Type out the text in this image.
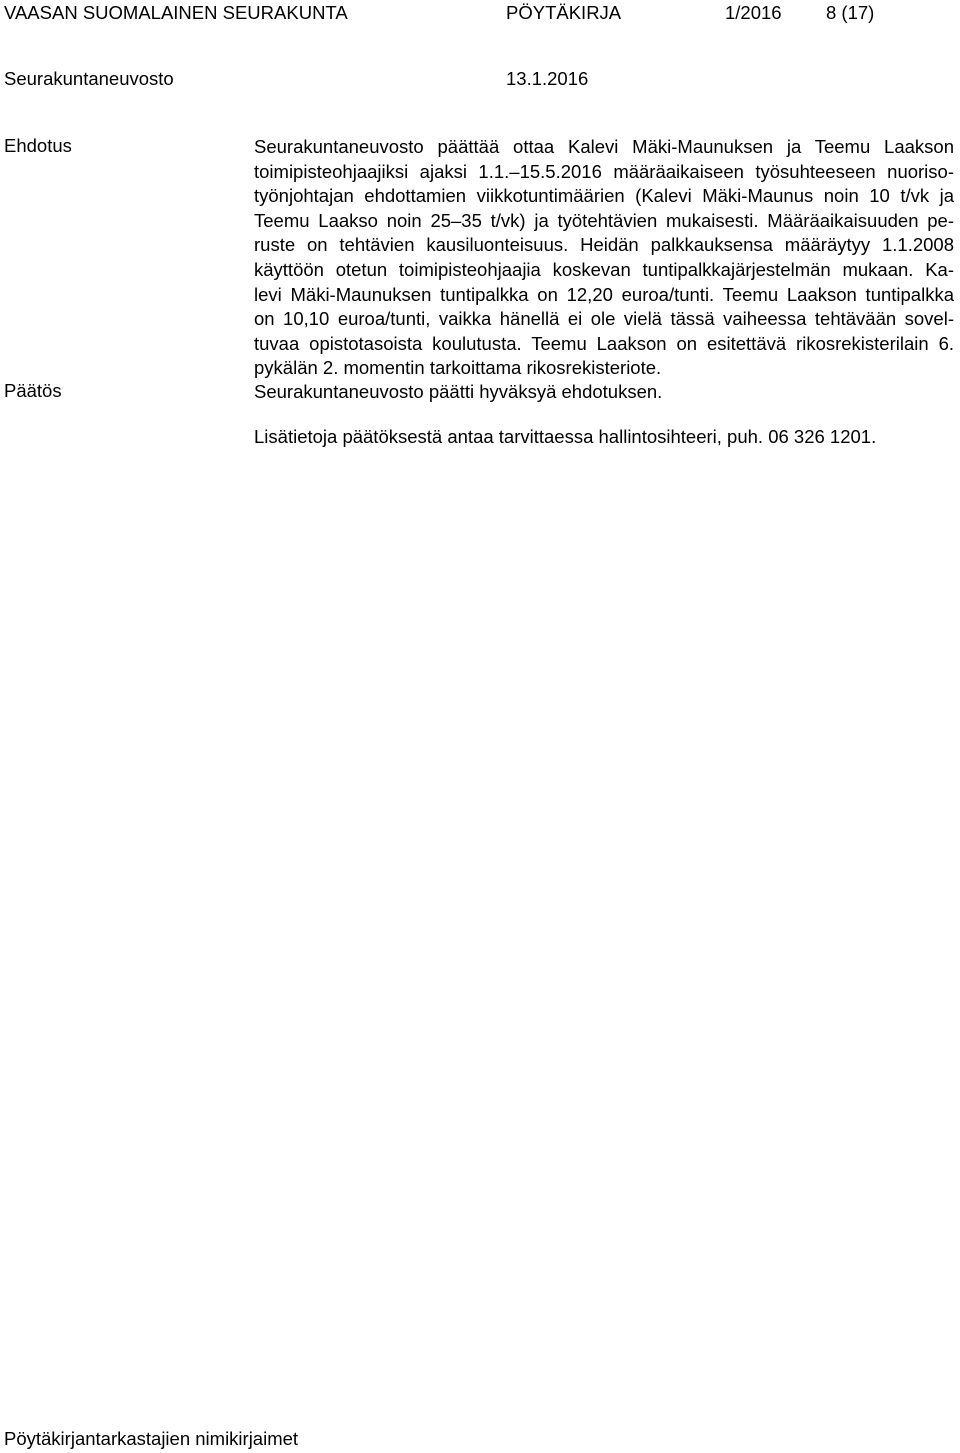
VAASAN SUOMALAINEN SEURAKUNTA	PÖYTÄKIRJA	1/2016 8 (17)
Seurakuntaneuvosto	13.1.2016
Ehdotus	Seurakuntaneuvosto päättää ottaa Kalevi Mäki-Maunuksen ja Teemu Laakson
toimipisteohjaajiksi ajaksi 1.1.–15.5.2016 määräaikaiseen työsuhteeseen nuoriso-
työnjohtajan ehdottamien viikkotuntimäärien (Kalevi Mäki-Maunus noin 10 t/vk ja
Teemu Laakso noin 25–35 t/vk) ja työtehtävien mukaisesti. Määräaikaisuuden pe-
ruste on tehtävien kausiluonteisuus. Heidän palkkauksensa määräytyy 1.1.2008
käyttöön otetun toimipisteohjaajia koskevan tuntipalkkajärjestelmän mukaan. Ka-
levi Mäki-Maunuksen tuntipalkka on 12,20 euroa/tunti. Teemu Laakson tuntipalkka
on 10,10 euroa/tunti, vaikka hänellä ei ole vielä tässä vaiheessa tehtävään sovel-
tuvaa opistotasoista koulutusta. Teemu Laakson on esitettävä rikosrekisterilain 6.
pykälän 2. momentin tarkoittama rikosrekisteriote.
Päätös	Seurakuntaneuvosto päätti hyväksyä ehdotuksen.
Lisätietoja päätöksestä antaa tarvittaessa hallintosihteeri, puh. 06 326 1201.
Pöytäkirjantarkastajien nimikirjaimet
